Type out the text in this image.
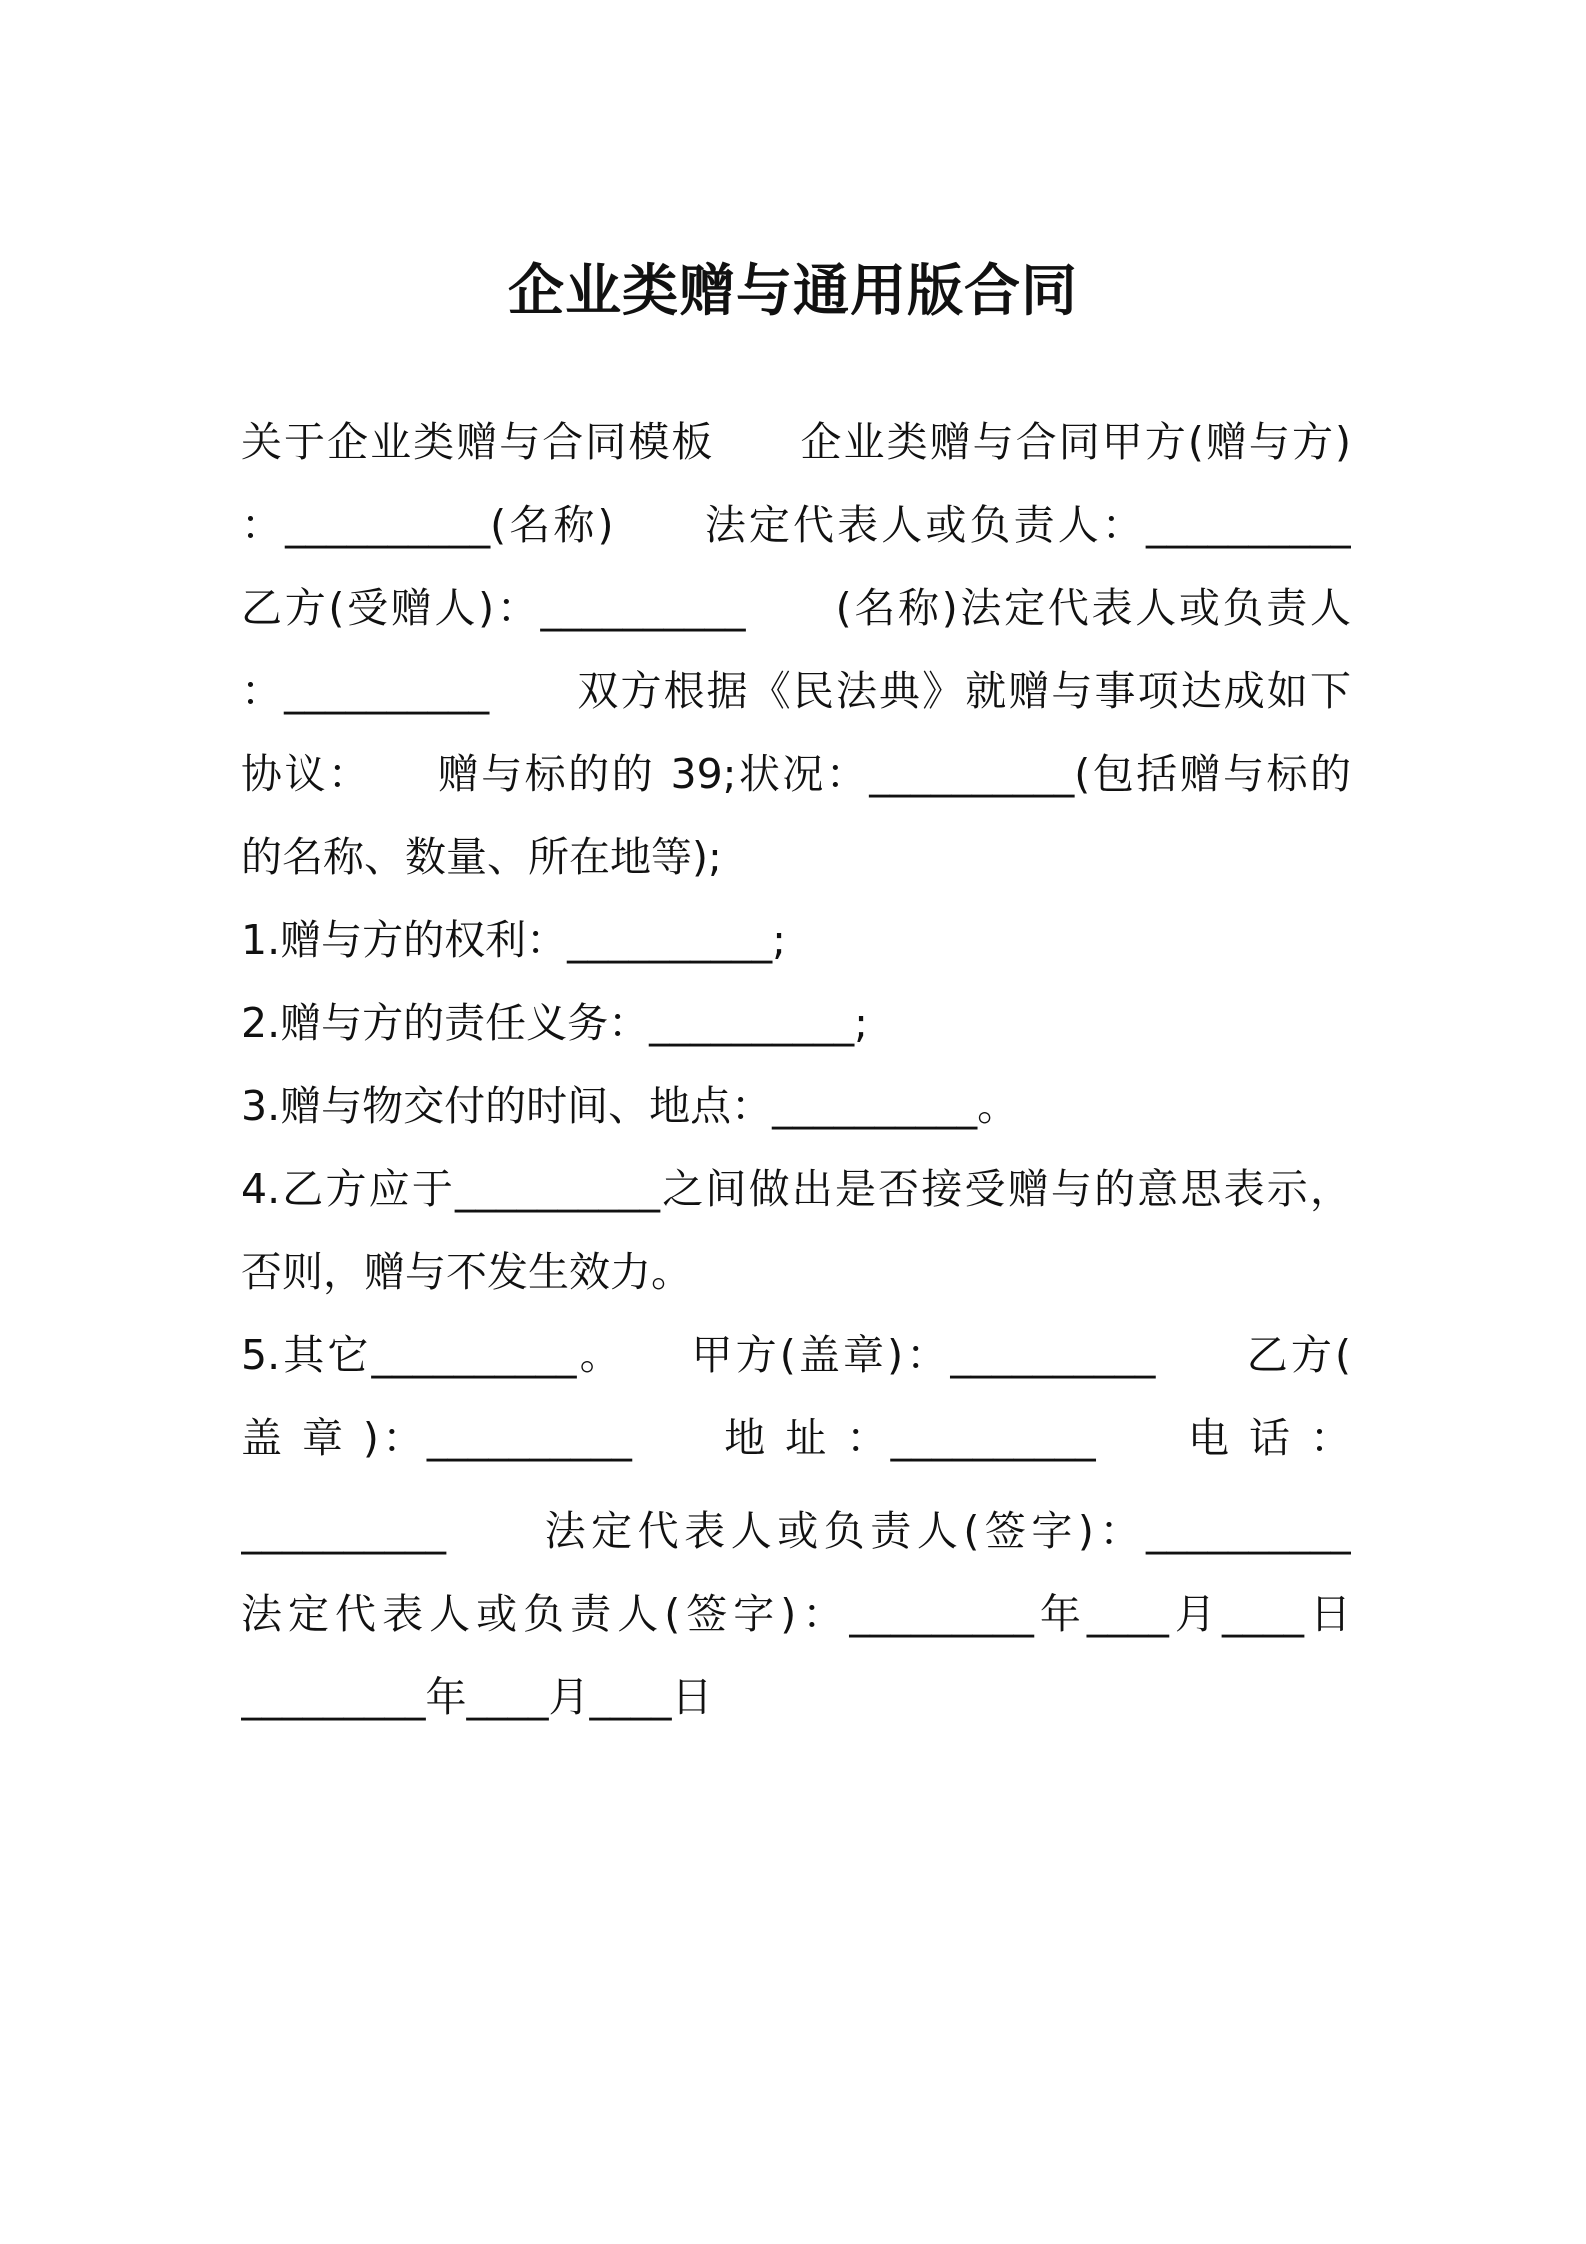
企业类赠与通用版合同
关于企业类赠与合同模板　　企业类赠与合同甲方(赠与方)
：__________(名称)　　法定代表人或负责人：__________
乙方(受赠人)：__________　　(名称)法定代表人或负责人
：__________　　双方根据《民法典》就赠与事项达成如下
协议：　　赠与标的的 39;状况：__________(包括赠与标的
的名称、数量、所在地等);
1.赠与方的权利：__________;
2.赠与方的责任义务：__________;
3.赠与物交付的时间、地点：__________。
4.乙方应于__________之间做出是否接受赠与的意思表示，
否则，赠与不发生效力。
5.其它__________。　　甲方(盖章)：__________　　乙方(
盖 章 )：__________　　地 址 ：__________　　电 话 ：
__________　　法定代表人或负责人(签字)：__________
法定代表人或负责人(签字)：_________年____月____日
_________年____月____日
